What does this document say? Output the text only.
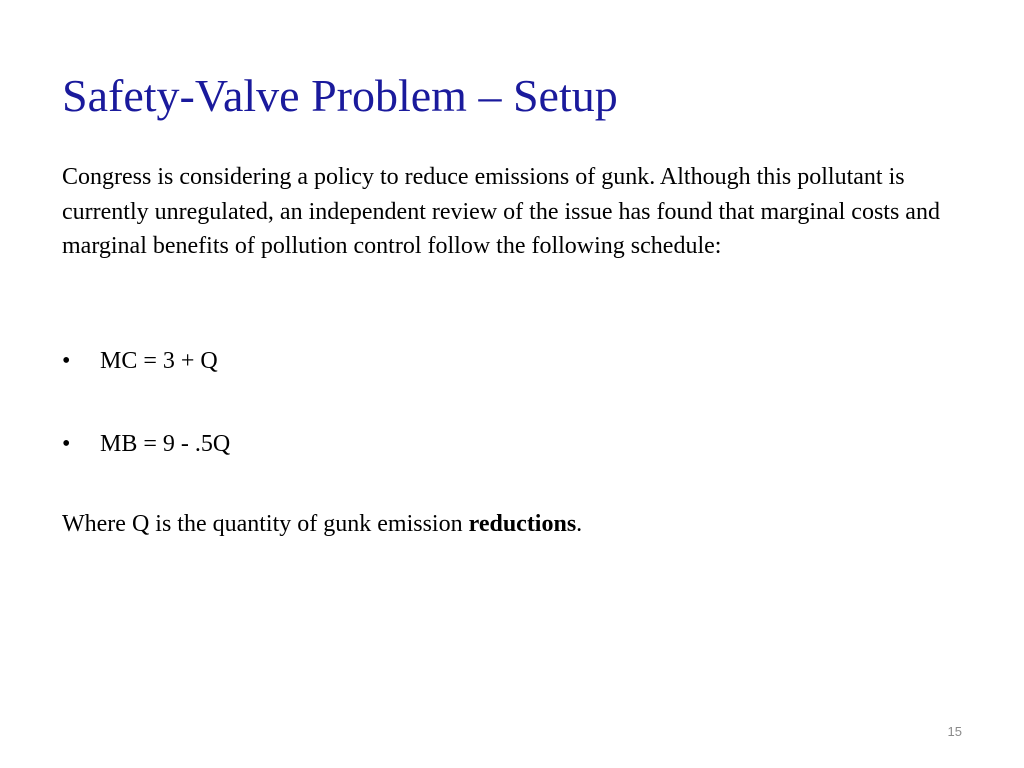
Safety-Valve Problem – Setup

Congress is considering a policy to reduce emissions of gunk. Although this pollutant is currently unregulated, an independent review of the issue has found that marginal costs and marginal benefits of pollution control follow the following schedule:

• MC = 3 + Q
• MB = 9 - .5Q

Where Q is the quantity of gunk emission reductions.

15
